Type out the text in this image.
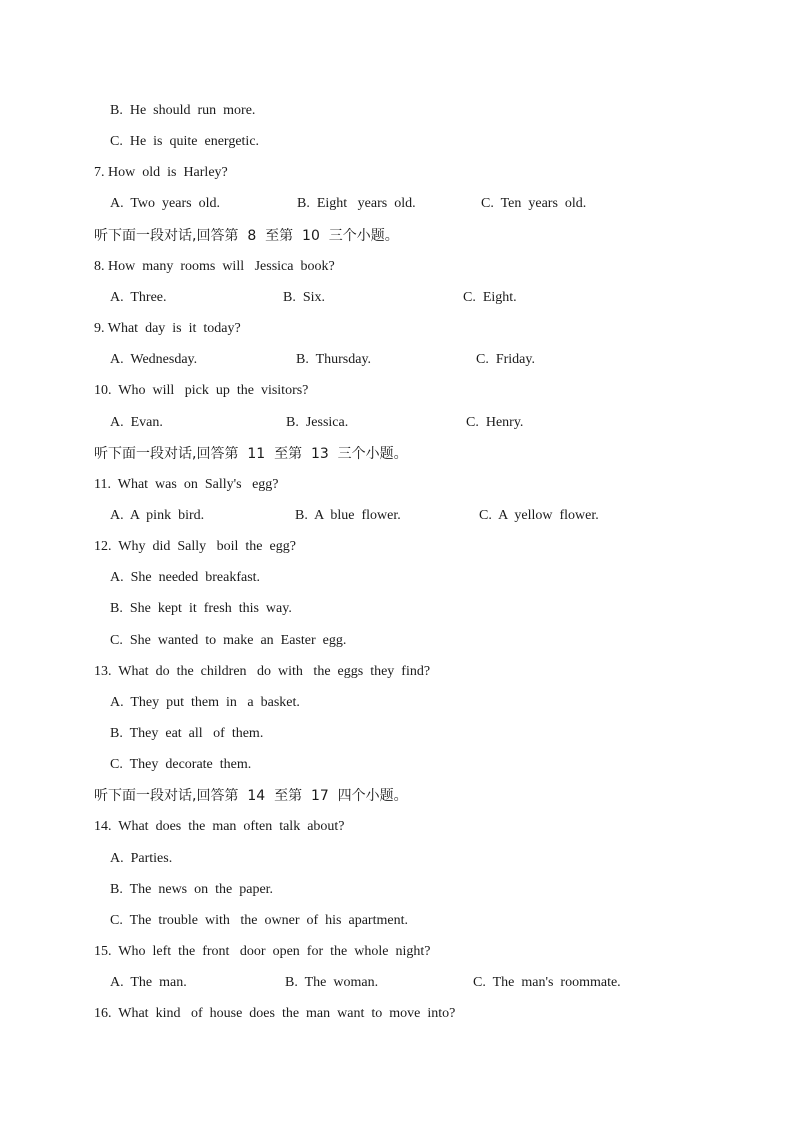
B.  He  should  run  more.
C.  He  is  quite  energetic.
7. How  old  is  Harley?
A.  Two  years  old.	B.  Eight   years  old.	C.  Ten  years  old.
听下面一段对话,回答第  8  至第  10  三个小题。
8. How  many  rooms  will   Jessica  book?
A.  Three.	B.  Six.	C.  Eight.
9. What  day  is  it  today?
A.  Wednesday.	B.  Thursday.	C.  Friday.
10.  Who  will   pick  up  the  visitors?
A.  Evan.	B.  Jessica.	C.  Henry.
听下面一段对话,回答第  11  至第  13  三个小题。
11.  What  was  on  Sally's   egg?
A.  A  pink  bird.	B.  A  blue  flower.	C.  A  yellow  flower.
12.  Why  did  Sally   boil  the  egg?
A.  She  needed  breakfast.
B.  She  kept  it  fresh  this  way.
C.  She  wanted  to  make  an  Easter  egg.
13.  What  do  the  children   do  with   the  eggs  they  find?
A.  They  put  them  in   a  basket.
B.  They  eat  all   of  them.
C.  They  decorate  them.
听下面一段对话,回答第  14  至第  17  四个小题。
14.  What  does  the  man  often  talk  about?
A.  Parties.
B.  The  news  on  the  paper.
C.  The  trouble  with   the  owner  of  his  apartment.
15.  Who  left  the  front   door  open  for  the  whole  night?
A.  The  man.	B.  The  woman.	C.  The  man's  roommate.
16.  What  kind   of  house  does  the  man  want  to  move  into?
